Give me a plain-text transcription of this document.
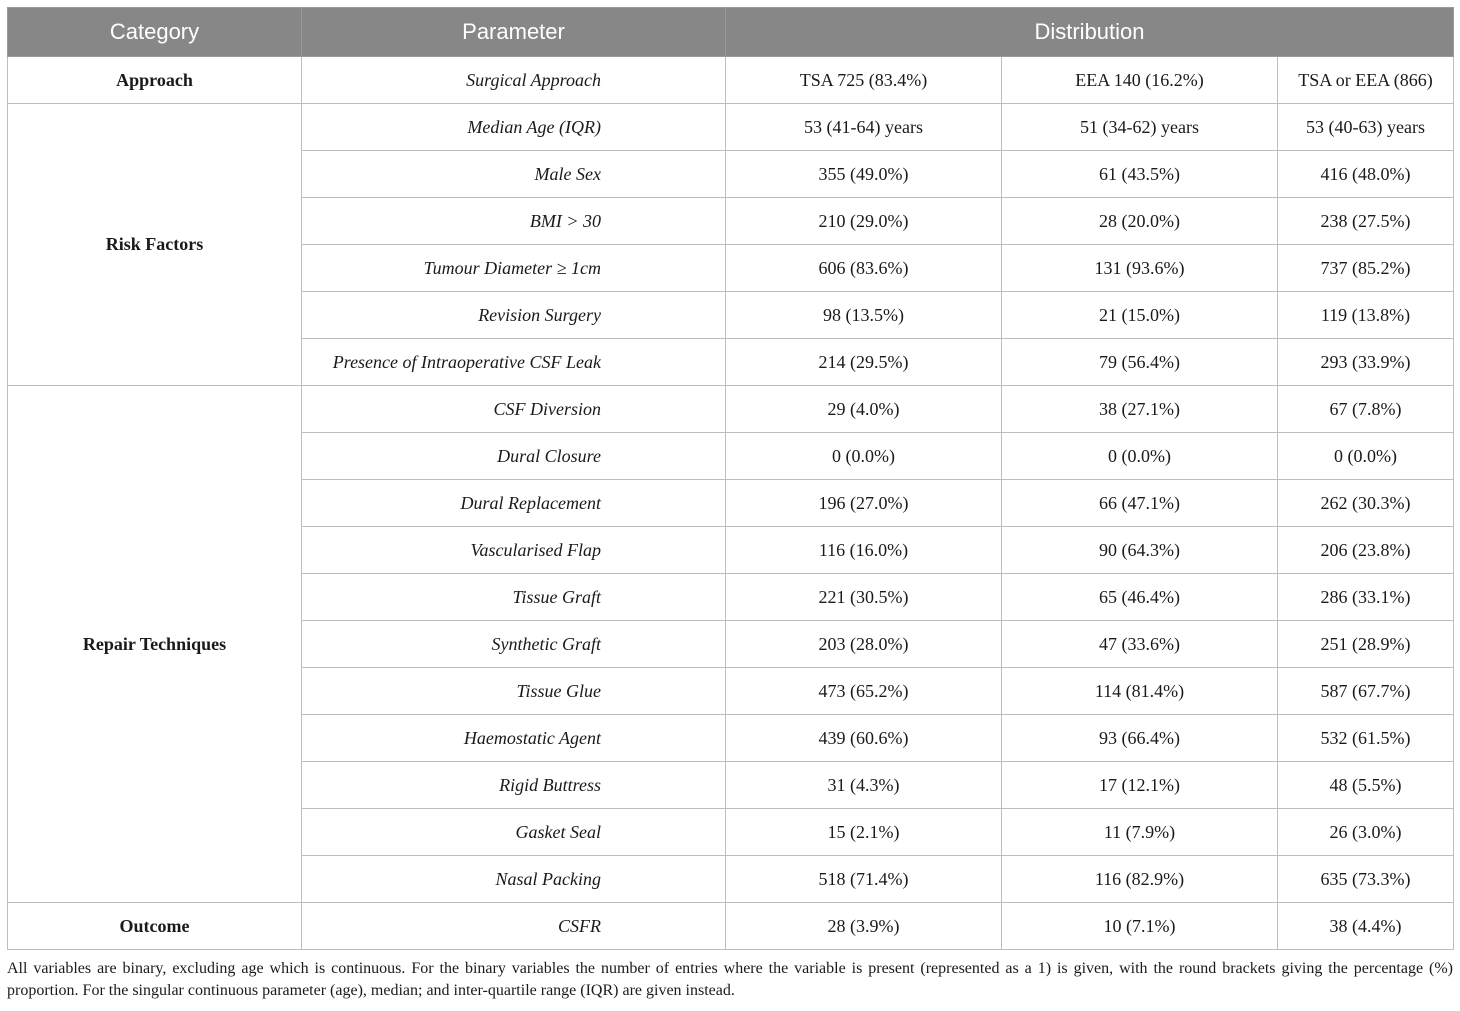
Category	Parameter	Distribution		
Approach	Surgical Approach	TSA 725 (83.4%)	EEA 140 (16.2%)	TSA or EEA (866)
Risk Factors	Median Age (IQR)	53 (41-64) years	51 (34-62) years	53 (40-63) years
	Male Sex	355 (49.0%)	61 (43.5%)	416 (48.0%)
	BMI > 30	210 (29.0%)	28 (20.0%)	238 (27.5%)
	Tumour Diameter ≥ 1cm	606 (83.6%)	131 (93.6%)	737 (85.2%)
	Revision Surgery	98 (13.5%)	21 (15.0%)	119 (13.8%)
	Presence of Intraoperative CSF Leak	214 (29.5%)	79 (56.4%)	293 (33.9%)
Repair Techniques	CSF Diversion	29 (4.0%)	38 (27.1%)	67 (7.8%)
	Dural Closure	0 (0.0%)	0 (0.0%)	0 (0.0%)
	Dural Replacement	196 (27.0%)	66 (47.1%)	262 (30.3%)
	Vascularised Flap	116 (16.0%)	90 (64.3%)	206 (23.8%)
	Tissue Graft	221 (30.5%)	65 (46.4%)	286 (33.1%)
	Synthetic Graft	203 (28.0%)	47 (33.6%)	251 (28.9%)
	Tissue Glue	473 (65.2%)	114 (81.4%)	587 (67.7%)
	Haemostatic Agent	439 (60.6%)	93 (66.4%)	532 (61.5%)
	Rigid Buttress	31 (4.3%)	17 (12.1%)	48 (5.5%)
	Gasket Seal	15 (2.1%)	11 (7.9%)	26 (3.0%)
	Nasal Packing	518 (71.4%)	116 (82.9%)	635 (73.3%)
Outcome	CSFR	28 (3.9%)	10 (7.1%)	38 (4.4%)

All variables are binary, excluding age which is continuous. For the binary variables the number of entries where the variable is present (represented as a 1) is given, with the round brackets giving the percentage (%) proportion. For the singular continuous parameter (age), median; and inter-quartile range (IQR) are given instead.
